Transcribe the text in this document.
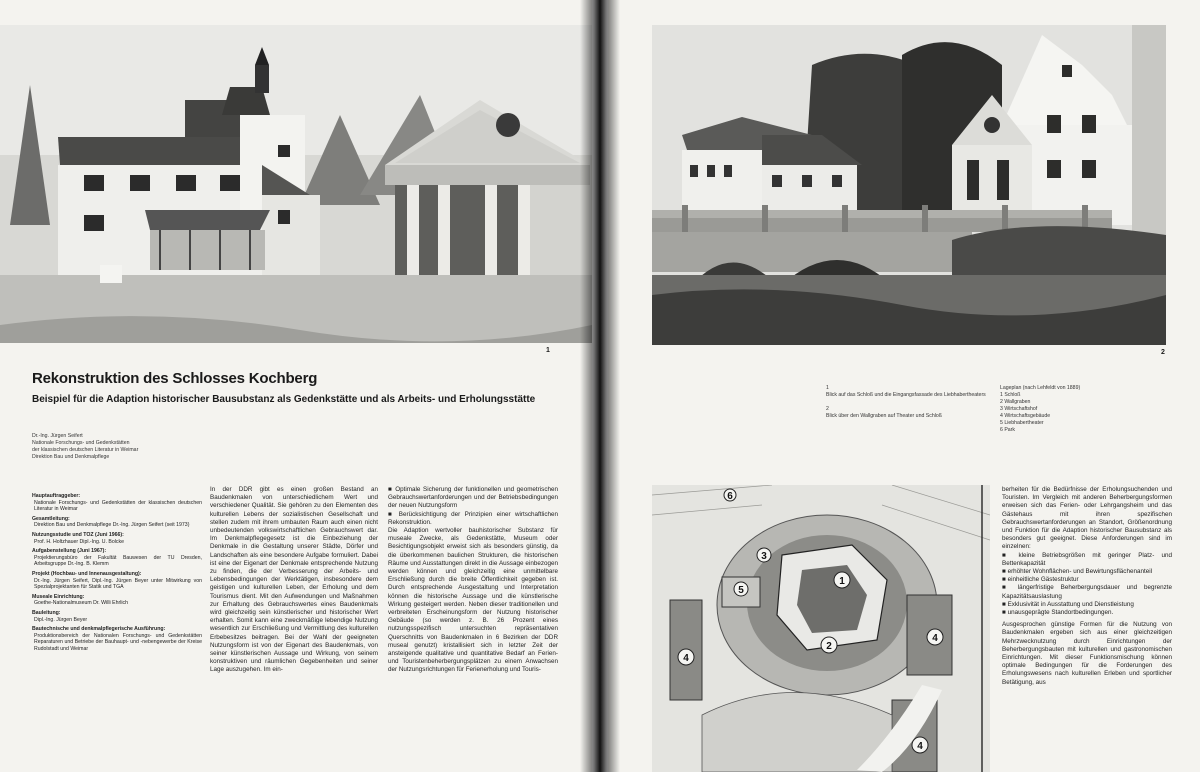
1
Rekonstruktion des Schlosses Kochberg
Beispiel für die Adaption historischer Bausubstanz als Gedenkstätte und als Arbeits- und Erholungsstätte
Dr.-Ing. Jürgen Seifert
Nationale Forschungs- und Gedenkstätten
der klassischen deutschen Literatur in Weimar
Direktion Bau und Denkmalpflege
Hauptauftraggeber:
Nationale Forschungs- und Gedenkstätten der klassischen deutschen Literatur in Weimar
Gesamtleitung:
Direktion Bau und Denkmalpflege Dr.-Ing. Jürgen Seifert (seit 1973)
Nutzungsstudie und TOZ (Juni 1966):
Prof. H. Holtzhauer Dipl.-Ing. U. Bolcke
Aufgabenstellung (Juni 1967):
Projektierungsbüro der Fakultät Bauwesen der TU Dresden, Arbeitsgruppe Dr.-Ing. B. Klemm
Projekt (Hochbau- und Innenausgestaltung):
Dr.-Ing. Jürgen Seifert, Dipl.-Ing. Jürgen Beyer unter Mitwirkung von Spezialprojektanten für Statik und TGA
Museale Einrichtung:
Goethe-Nationalmuseum Dr. Willi Ehrlich
Bauleitung:
Dipl.-Ing. Jürgen Beyer
Bautechnische und denkmalpflegerische Ausführung:
Produktionsbereich der Nationalen Forschungs- und Gedenkstätten Reparaturen und Betriebe der Bauhaupt- und -nebengewerbe der Kreise Rudolstadt und Weimar

In der DDR gibt es einen großen Bestand an Baudenkmalen von unterschiedlichem Wert und verschiedener Qualität. Sie gehören zu den Elementen des kulturellen Lebens der sozialistischen Gesellschaft und stellen zudem mit ihrem umbauten Raum auch einen nicht unbedeutenden volkswirtschaftlichen Gebrauchswert dar. Im Denkmalpflegegesetz ist die Einbeziehung der Denkmale in die Gestaltung unserer Städte, Dörfer und Landschaften als eine besondere Aufgabe formuliert. Dabei ist eine der Eigenart der Denkmale entsprechende Nutzung zu finden, die der Verbesserung der Arbeits- und Lebensbedingungen der Werktätigen, insbesondere dem geistigen und kulturellen Leben, der Erholung und dem Tourismus dient. Mit den Aufwendungen und Maßnahmen zur Erhaltung des Gebrauchswertes eines Baudenkmals wird gleichzeitig sein künstlerischer und historischer Wert erhalten. Somit kann eine zweckmäßige lebendige Nutzung wesentlich zur Erschließung und Vermittlung des kulturellen Erbebesitzes beitragen. Bei der Wahl der geeigneten Nutzungsform ist von der Eigenart des Baudenkmals, von seiner künstlerischen Aussage und Wirkung, von seinem konstruktiven und räumlichen Gegebenheiten und seiner Lage auszugehen. Im ein-

■ Optimale Sicherung der funktionellen und geometrischen Gebrauchswertanforderungen und der Betriebsbedingungen der neuen Nutzungsform
■ Berücksichtigung der Prinzipien einer wirtschaftlichen Rekonstruktion.

Die Adaption wertvoller bauhistorischer Substanz für museale Zwecke, als Gedenkstätte, Museum oder Besichtigungsobjekt erweist sich als besonders günstig, da die überkommenen baulichen Strukturen, die historischen Räume und Ausstattungen direkt in die Aussage einbezogen werden können und gleichzeitig eine unmittelbare Erschließung durch die breite Öffentlichkeit gegeben ist. Durch entsprechende Ausgestaltung und Interpretation können die historische Aussage und die künstlerische Wirkung gesteigert werden. Neben dieser traditionellen und verbreiteten Erscheinungsform der Nutzung historischer Gebäude (so werden z. B. 26 Prozent eines nutzungsspezifisch untersuchten repräsentativen Querschnitts von Baudenkmalen in 6 Bezirken der DDR museal genutzt) kristallisiert sich in letzter Zeit der ansteigende qualitative und quantitative Bedarf an Ferien- und Touristenbeherbergungsplätzen zu einem Anwachsen der Nutzungsrichtungen für Ferienerholung und Touris-

2
1
2
3
4
4
4
5
6
1
Blick auf das Schloß und die Eingangsfassade des Liebhabertheaters
2
Blick über den Wallgraben auf Theater und Schloß
Lageplan (nach Lehfeldt von 1889)
1 Schloß
2 Wallgraben
3 Wirtschaftshof
4 Wirtschaftsgebäude
5 Liebhabertheater
6 Park

berheiten für die Bedürfnisse der Erholungsuchenden und Touristen. Im Vergleich mit anderen Beherbergungsformen erweisen sich das Ferien- oder Lehrgangsheim und das Gästehaus mit ihren spezifischen Gebrauchswertanforderungen an Standort, Größenordnung und Funktion für die Adaption historischer Bausubstanz als besonders gut geeignet. Diese Anforderungen sind im einzelnen:

■ kleine Betriebsgrößen mit geringer Platz- und Bettenkapazität
■ erhöhter Wohnflächen- und Bewirtungsflächenanteil
■ einheitliche Gästestruktur
■ längerfristige Beherbergungsdauer und begrenzte Kapazitätsauslastung
■ Exklusivität in Ausstattung und Dienstleistung
■ unausgeprägte Standortbedingungen.

Ausgesprochen günstige Formen für die Nutzung von Baudenkmalen ergeben sich aus einer gleichzeitigen Mehrzwecknutzung durch Einrichtungen der Beherbergungsbauten mit kulturellen und gastronomischen Einrichtungen. Mit dieser Funktionsmischung können optimale Bedingungen für die Forderungen des Erholungswesens nach kulturellen Erleben und sportlicher Betätigung, aus
